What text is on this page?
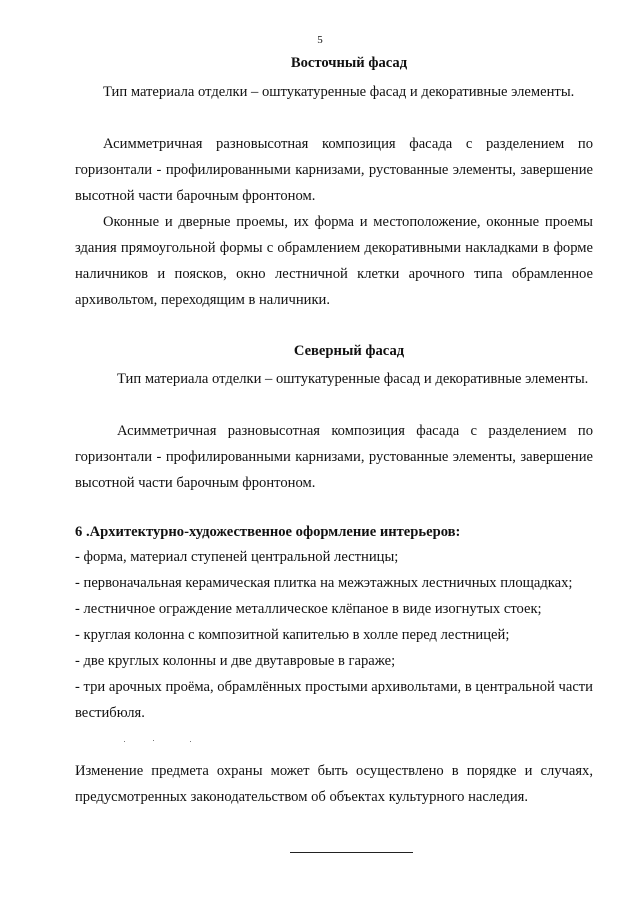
5
Восточный фасад
Тип материала отделки – оштукатуренные фасад и декоративные элементы.
Асимметричная разновысотная композиция фасада с разделением по горизонтали - профилированными карнизами, рустованные элементы, завершение высотной части барочным фронтоном.
Оконные и дверные проемы, их форма и местоположение, оконные проемы здания прямоугольной формы с обрамлением декоративными накладками в форме наличников и поясков, окно лестничной клетки арочного типа обрамленное архивольтом, переходящим в наличники.
Северный фасад
Тип материала отделки – оштукатуренные фасад и декоративные элементы.
Асимметричная разновысотная композиция фасада с разделением по горизонтали - профилированными карнизами, рустованные элементы, завершение высотной части барочным фронтоном.
6 .Архитектурно-художественное оформление интерьеров:
- форма, материал ступеней центральной лестницы;
- первоначальная керамическая плитка на межэтажных лестничных площадках;
- лестничное ограждение металлическое клёпаное в виде изогнутых стоек;
- круглая колонна с композитной капителью в холле перед лестницей;
- две круглых колонны и две двутавровые в гараже;
- три арочных проёма, обрамлённых простыми архивольтами, в центральной части вестибюля.
Изменение предмета охраны может быть осуществлено в порядке и случаях, предусмотренных законодательством об объектах культурного наследия.
